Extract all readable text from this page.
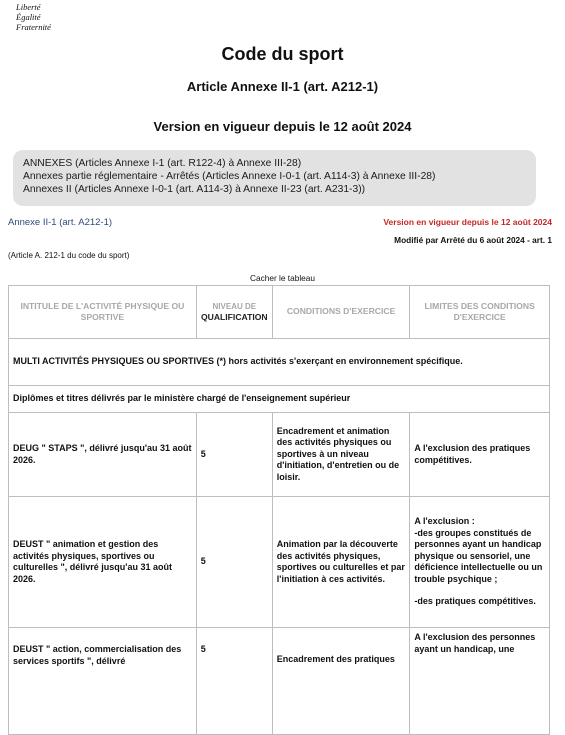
Liberté
Égalité
Fraternité
Code du sport
Article Annexe II-1 (art. A212-1)
Version en vigueur depuis le 12 août 2024
ANNEXES (Articles Annexe I-1 (art. R122-4) à Annexe III-28)
Annexes partie réglementaire - Arrêtés (Articles Annexe I-0-1 (art. A114-3) à Annexe III-28)
Annexes II (Articles Annexe I-0-1 (art. A114-3) à Annexe II-23 (art. A231-3))
Annexe II-1 (art. A212-1)	Version en vigueur depuis le 12 août 2024
Modifié par Arrêté du 6 août 2024 - art. 1
(Article A. 212-1 du code du sport)
Cacher le tableau
INTITULE DE L'ACTIVITÉ PHYSIQUE OU SPORTIVE	NIVEAU DE
QUALIFICATION	CONDITIONS D'EXERCICE	LIMITES DES CONDITIONS D'EXERCICE
MULTI ACTIVITÉS PHYSIQUES OU SPORTIVES (*) hors activités s'exerçant en environnement spécifique.			
Diplômes et titres délivrés par le ministère chargé de l'enseignement supérieur			
DEUG " STAPS ", délivré jusqu'au 31 août 2026.	5	Encadrement et animation des activités physiques ou sportives à un niveau d'initiation, d'entretien ou de loisir.	A l'exclusion des pratiques compétitives.

DEUST " animation et gestion des activités physiques, sportives ou culturelles ", délivré jusqu'au 31 août 2026.	5	Animation par la découverte des activités physiques, sportives ou culturelles et par l'initiation à ces activités.	A l'exclusion :
-des groupes constitués de personnes ayant un handicap physique ou sensoriel, une déficience intellectuelle ou un trouble psychique ;
-des pratiques compétitives.

DEUST " action, commercialisation des services sportifs ", délivré	5	Encadrement des pratiques	A l'exclusion des personnes ayant un handicap, une
